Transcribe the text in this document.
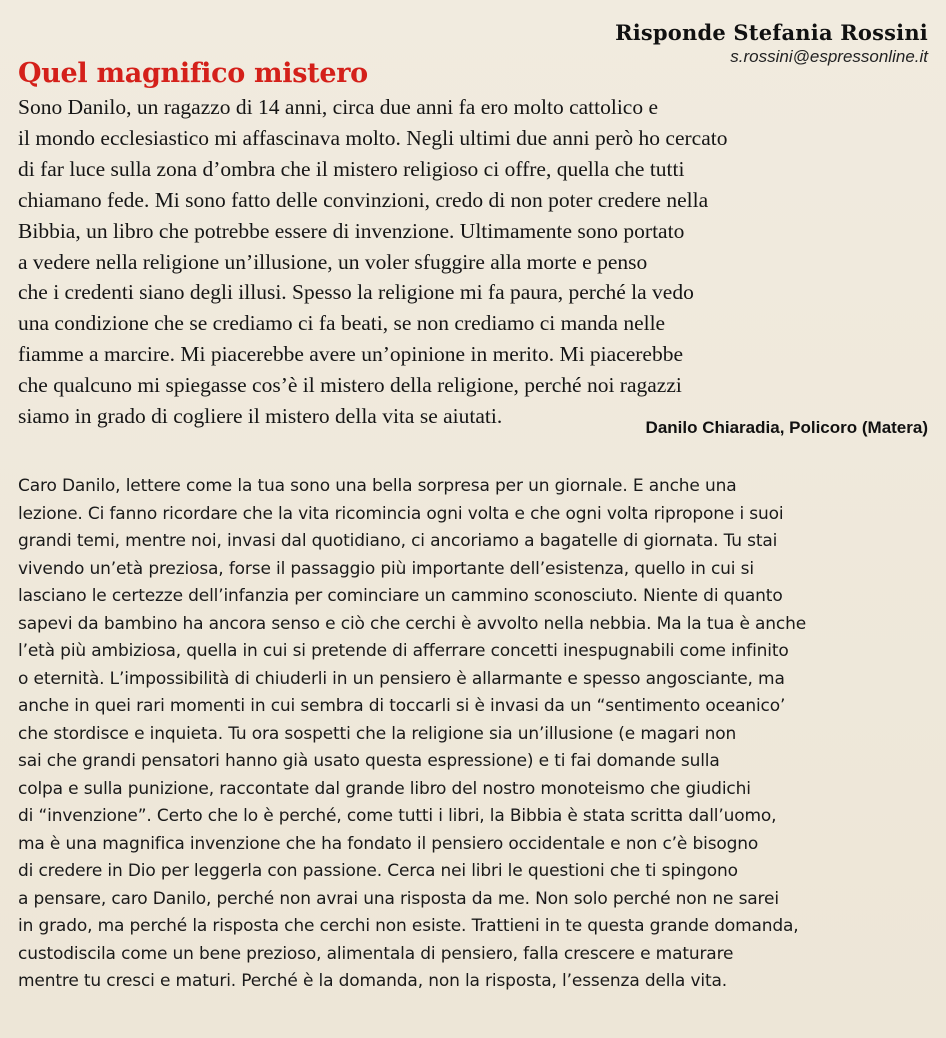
Risponde Stefania Rossini
s.rossini@espressonline.it
Quel magnifico mistero
Sono Danilo, un ragazzo di 14 anni, circa due anni fa ero molto cattolico e
il mondo ecclesiastico mi affascinava molto. Negli ultimi due anni però ho cercato
di far luce sulla zona d’ombra che il mistero religioso ci offre, quella che tutti
chiamano fede. Mi sono fatto delle convinzioni, credo di non poter credere nella
Bibbia, un libro che potrebbe essere di invenzione. Ultimamente sono portato
a vedere nella religione un’illusione, un voler sfuggire alla morte e penso
che i credenti siano degli illusi. Spesso la religione mi fa paura, perché la vedo
una condizione che se crediamo ci fa beati, se non crediamo ci manda nelle
fiamme a marcire. Mi piacerebbe avere un’opinione in merito. Mi piacerebbe
che qualcuno mi spiegasse cos’è il mistero della religione, perché noi ragazzi
siamo in grado di cogliere il mistero della vita se aiutati.	Danilo Chiaradia, Policoro (Matera)
Caro Danilo, lettere come la tua sono una bella sorpresa per un giornale. E anche una
lezione. Ci fanno ricordare che la vita ricomincia ogni volta e che ogni volta ripropone i suoi
grandi temi, mentre noi, invasi dal quotidiano, ci ancoriamo a bagatelle di giornata. Tu stai
vivendo un’età preziosa, forse il passaggio più importante dell’esistenza, quello in cui si
lasciano le certezze dell’infanzia per cominciare un cammino sconosciuto. Niente di quanto
sapevi da bambino ha ancora senso e ciò che cerchi è avvolto nella nebbia. Ma la tua è anche
l’età più ambiziosa, quella in cui si pretende di afferrare concetti inespugnabili come infinito
o eternità. L’impossibilità di chiuderli in un pensiero è allarmante e spesso angosciante, ma
anche in quei rari momenti in cui sembra di toccarli si è invasi da un “sentimento oceanico’
che stordisce e inquieta. Tu ora sospetti che la religione sia un’illusione (e magari non
sai che grandi pensatori hanno già usato questa espressione) e ti fai domande sulla
colpa e sulla punizione, raccontate dal grande libro del nostro monoteismo che giudichi
di “invenzione”. Certo che lo è perché, come tutti i libri, la Bibbia è stata scritta dall’uomo,
ma è una magnifica invenzione che ha fondato il pensiero occidentale e non c’è bisogno
di credere in Dio per leggerla con passione. Cerca nei libri le questioni che ti spingono
a pensare, caro Danilo, perché non avrai una risposta da me. Non solo perché non ne sarei
in grado, ma perché la risposta che cerchi non esiste. Trattieni in te questa grande domanda,
custodiscila come un bene prezioso, alimentala di pensiero, falla crescere e maturare
mentre tu cresci e maturi. Perché è la domanda, non la risposta, l’essenza della vita.
